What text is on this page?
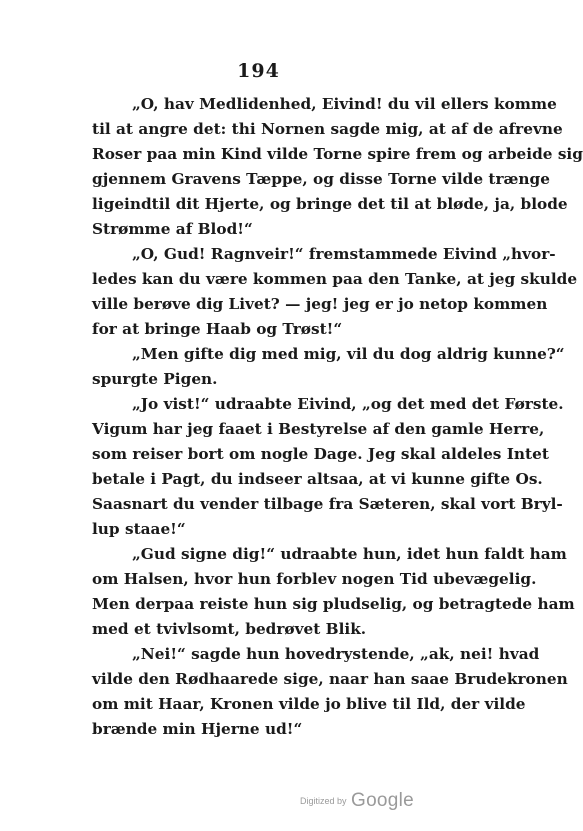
194
„O, hav Medlidenhed, Eivind! du vil ellers komme
til at angre det: thi Nornen sagde mig, at af de afrevne
Roser paa min Kind vilde Torne spire frem og arbeide sig
gjennem Gravens Tæppe, og disse Torne vilde trænge
ligeindtil dit Hjerte, og bringe det til at bløde, ja, blode
Strømme af Blod!“
„O, Gud! Ragnveir!“ fremstammede Eivind „hvor-
ledes kan du være kommen paa den Tanke, at jeg skulde
ville berøve dig Livet? — jeg! jeg er jo netop kommen
for at bringe Haab og Trøst!“
„Men gifte dig med mig, vil du dog aldrig kunne?“
spurgte Pigen.
„Jo vist!“ udraabte Eivind, „og det med det Første.
Vigum har jeg faaet i Bestyrelse af den gamle Herre,
som reiser bort om nogle Dage. Jeg skal aldeles Intet
betale i Pagt, du indseer altsaa, at vi kunne gifte Os.
Saasnart du vender tilbage fra Sæteren, skal vort Bryl-
lup staae!“
„Gud signe dig!“ udraabte hun, idet hun faldt ham
om Halsen, hvor hun forblev nogen Tid ubevægelig.
Men derpaa reiste hun sig pludselig, og betragtede ham
med et tvivlsomt, bedrøvet Blik.
„Nei!“ sagde hun hovedrystende, „ak, nei! hvad
vilde den Rødhaarede sige, naar han saae Brudekronen
om mit Haar, Kronen vilde jo blive til Ild, der vilde
brænde min Hjerne ud!“
Digitized by Google
